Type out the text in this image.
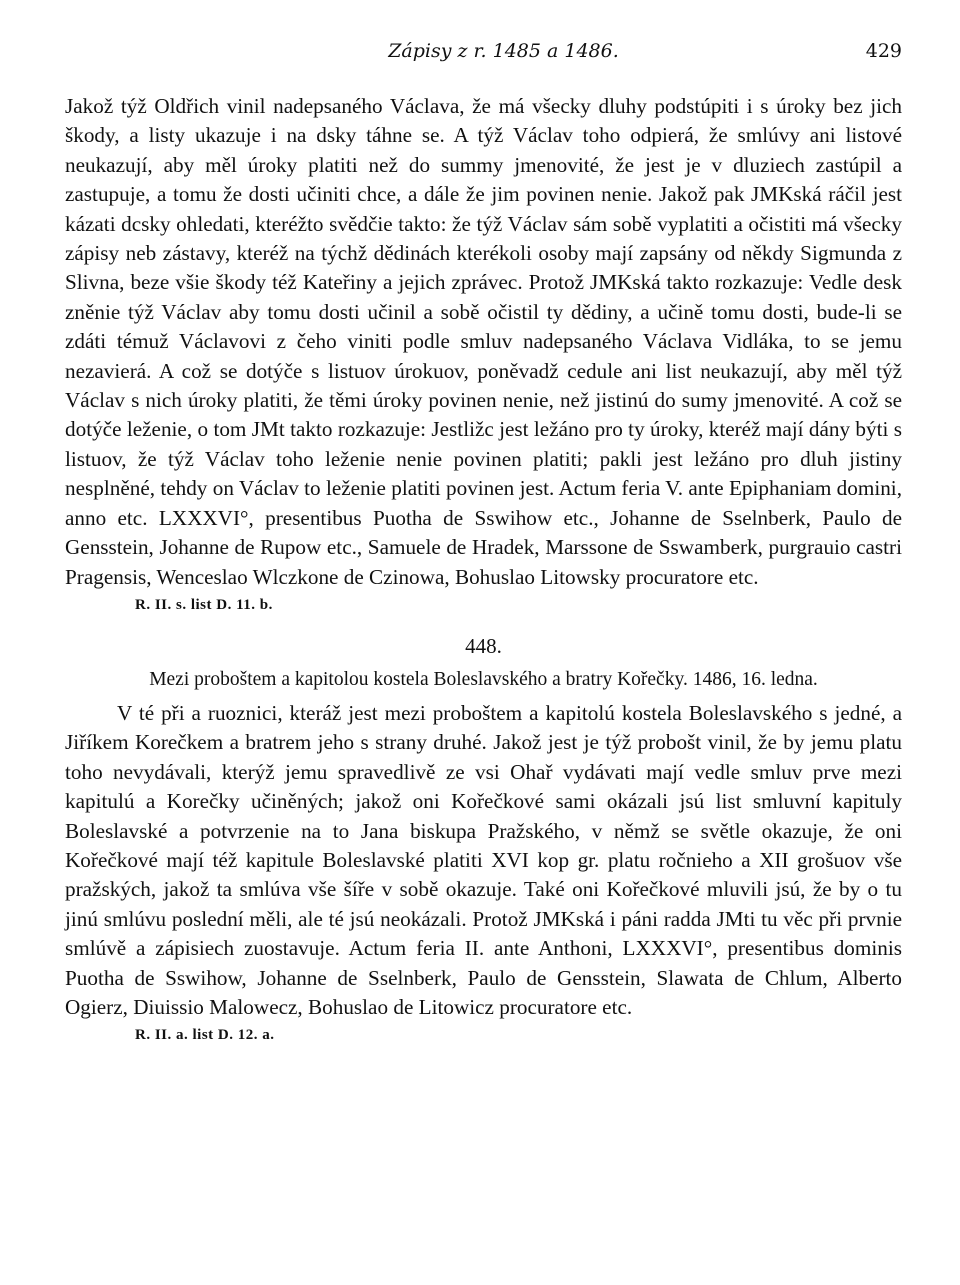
Zápisy z r. 1485 a 1486.	429

Jakož týž Oldřich vinil nadepsaného Václava, že má všecky dluhy podstúpiti i s úroky bez jich škody, a listy ukazuje i na dsky táhne se. A týž Václav toho odpierá, že smlúvy ani listové neukazují, aby měl úroky platiti než do summy jmenovité, že jest je v dluziech zastúpil a zastupuje, a tomu že dosti učiniti chce, a dále že jim povinen nenie. Jakož pak JMKská ráčil jest kázati dcsky ohledati, kteréžto svědčie takto: že týž Václav sám sobě vyplatiti a očistiti má všecky zápisy neb zástavy, kteréž na týchž dědinách kterékoli osoby mají zapsány od někdy Sigmunda z Slivna, beze všie škody též Kateřiny a jejich zprávec. Protož JMKská takto rozkazuje: Vedle desk zněnie týž Václav aby tomu dosti učinil a sobě očistil ty dědiny, a učině tomu dosti, bude-li se zdáti témuž Václavovi z čeho viniti podle smluv nadepsaného Václava Vidláka, to se jemu nezavierá. A což se dotýče s listuov úrokuov, poněvadž cedule ani list neukazují, aby měl týž Václav s nich úroky platiti, že těmi úroky povinen nenie, než jistinú do sumy jmenovité. A což se dotýče leženie, o tom JMt takto rozkazuje: Jestližc jest ležáno pro ty úroky, kteréž mají dány býti s listuov, že týž Václav toho leženie nenie povinen platiti; pakli jest ležáno pro dluh jistiny nesplněné, tehdy on Václav to leženie platiti povinen jest. Actum feria V. ante Epiphaniam domini, anno etc. LXXXVI°, presentibus Puotha de Sswihow etc., Johanne de Sselnberk, Paulo de Gensstein, Johanne de Rupow etc., Samuele de Hradek, Marssone de Sswamberk, purgrauio castri Pragensis, Wenceslao Wlczkone de Czinowa, Bohuslao Litowsky procuratore etc.

R. II. s. list D. 11. b.
448.
Mezi proboštem a kapitolou kostela Boleslavského a bratry Kořečky. 1486, 16. ledna.

V té při a ruoznici, kteráž jest mezi proboštem a kapitolú kostela Boleslavského s jedné, a Jiříkem Korečkem a bratrem jeho s strany druhé. Jakož jest je týž probošt vinil, že by jemu platu toho nevydávali, kterýž jemu spravedlivě ze vsi Ohař vydávati mají vedle smluv prve mezi kapitulú a Korečky učiněných; jakož oni Kořečkové sami okázali jsú list smluvní kapituly Boleslavské a potvrzenie na to Jana biskupa Pražského, v němž se světle okazuje, že oni Kořečkové mají též kapitule Boleslavské platiti XVI kop gr. platu ročnieho a XII grošuov vše pražských, jakož ta smlúva vše šíře v sobě okazuje. Také oni Kořečkové mluvili jsú, že by o tu jinú smlúvu poslední měli, ale té jsú neokázali. Protož JMKská i páni radda JMti tu věc při prvnie smlúvě a zápisiech zuostavuje. Actum feria II. ante Anthoni, LXXXVI°, presentibus dominis Puotha de Sswihow, Johanne de Sselnberk, Paulo de Gensstein, Slawata de Chlum, Alberto Ogierz, Diuissio Malowecz, Bohuslao de Litowicz procuratore etc.

R. II. a. list D. 12. a.
